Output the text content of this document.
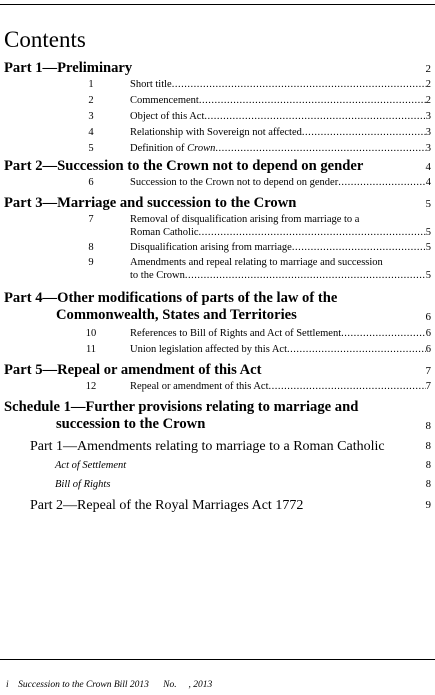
Contents
Part 1—Preliminary	2
1	Short title .....	2
2	Commencement .....	2
3	Object of this Act .....	3
4	Relationship with Sovereign not affected .....	3
5	Definition of Crown .....	3
Part 2—Succession to the Crown not to depend on gender	4
6	Succession to the Crown not to depend on gender .....	4
Part 3—Marriage and succession to the Crown	5
7	Removal of disqualification arising from marriage to a
Roman Catholic .....	5
8	Disqualification arising from marriage .....	5
9	Amendments and repeal relating to marriage and succession
to the Crown .....	5
Part 4—Other modifications of parts of the law of the
Commonwealth, States and Territories	6
10	References to Bill of Rights and Act of Settlement .....	6
11	Union legislation affected by this Act .....	6
Part 5—Repeal or amendment of this Act	7
12	Repeal or amendment of this Act .....	7
Schedule 1—Further provisions relating to marriage and
succession to the Crown	8
Part 1—Amendments relating to marriage to a Roman Catholic	8
Act of Settlement	8
Bill of Rights	8
Part 2—Repeal of the Royal Marriages Act 1772	9
i    Succession to the Crown Bill 2013      No.     , 2013
